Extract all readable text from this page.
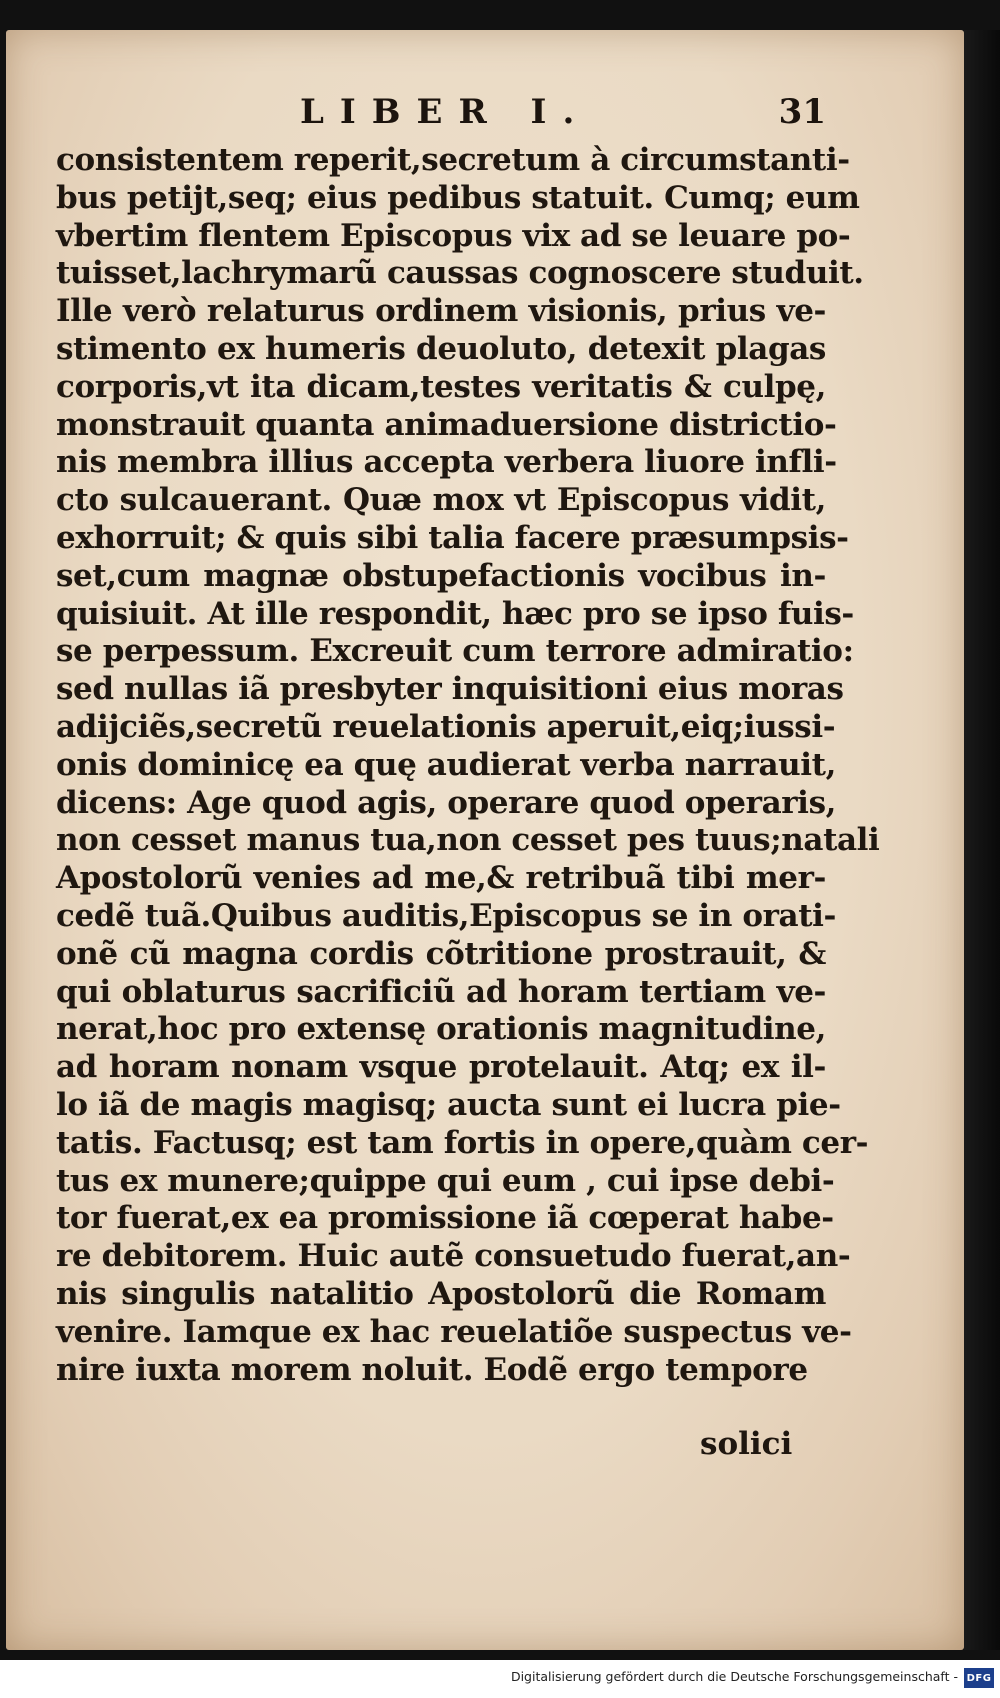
LIBER I.	31
consistentem reperit,secretum à circumstanti-
bus petijt,seq; eius pedibus statuit. Cumq; eum
vbertim flentem Episcopus vix ad se leuare po-
tuisset,lachrymarũ caussas cognoscere studuit.
Ille verò relaturus ordinem visionis, prius ve-
stimento ex humeris deuoluto, detexit plagas
corporis,vt ita dicam,testes veritatis & culpę,
monstrauit quanta animaduersione districtio-
nis membra illius accepta verbera liuore infli-
cto sulcauerant. Quæ mox vt Episcopus vidit,
exhorruit; & quis sibi talia facere præsumpsis-
set,cum magnæ obstupefactionis vocibus in-
quisiuit. At ille respondit, hæc pro se ipso fuis-
se perpessum. Excreuit cum terrore admiratio:
sed nullas iã presbyter inquisitioni eius moras
adijciẽs,secretũ reuelationis aperuit,eiq;iussi-
onis dominicę ea quę audierat verba narrauit,
dicens: Age quod agis, operare quod operaris,
non cesset manus tua,non cesset pes tuus;natali
Apostolorũ venies ad me,& retribuã tibi mer-
cedẽ tuã.Quibus auditis,Episcopus se in orati-
onẽ cũ magna cordis cõtritione prostrauit, &
qui oblaturus sacrificiũ ad horam tertiam ve-
nerat,hoc pro extensę orationis magnitudine,
ad horam nonam vsque protelauit. Atq; ex il-
lo iã de magis magisq; aucta sunt ei lucra pie-
tatis. Factusq; est tam fortis in opere,quàm cer-
tus ex munere;quippe qui eum , cui ipse debi-
tor fuerat,ex ea promissione iã cœperat habe-
re debitorem. Huic autẽ consuetudo fuerat,an-
nis singulis natalitio Apostolorũ die Romam
venire. Iamque ex hac reuelatiõe suspectus ve-
nire iuxta morem noluit. Eodẽ ergo tempore
solici
Digitalisierung gefördert durch die Deutsche Forschungsgemeinschaft - DFG
